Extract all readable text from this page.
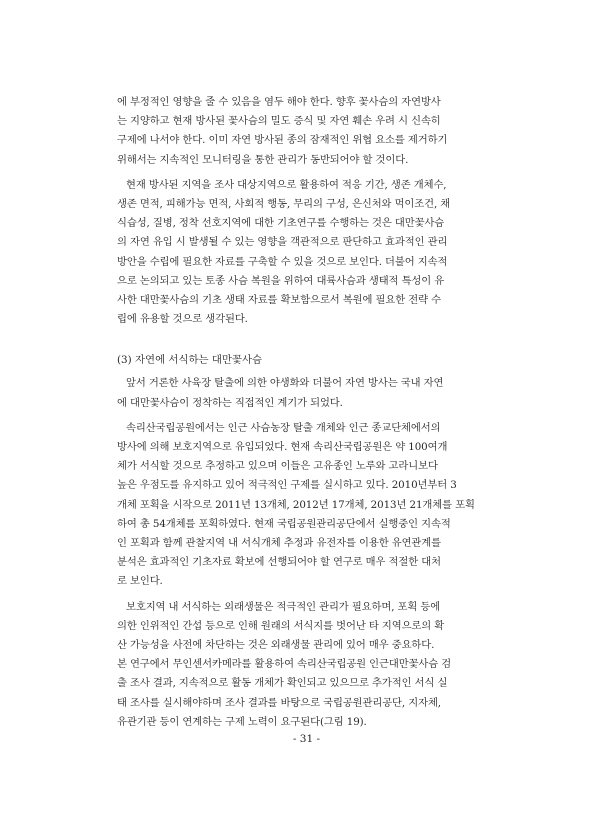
에 부정적인 영향을 줄 수 있음을 염두 해야 한다. 향후 꽃사슴의 자연방사
는 지양하고 현재 방사된 꽃사슴의 밀도 증식 및 자연 훼손 우려 시 신속히
구제에 나서야 한다. 이미 자연 방사된 종의 잠재적인 위협 요소를 제거하기
위해서는 지속적인 모니터링을 통한 관리가 동반되어야 할 것이다.
현재 방사된 지역을 조사 대상지역으로 활용하여 적응 기간, 생존 개체수,
생존 면적, 피해가능 면적, 사회적 행동, 무리의 구성, 은신처와 먹이조건, 채
식습성, 질병, 정착 선호지역에 대한 기초연구를 수행하는 것은 대만꽃사슴
의 자연 유입 시 발생될 수 있는 영향을 객관적으로 판단하고 효과적인 관리
방안을 수립에 필요한 자료를 구축할 수 있을 것으로 보인다. 더불어 지속적
으로 논의되고 있는 토종 사슴 복원을 위하여 대륙사슴과 생태적 특성이 유
사한 대만꽃사슴의 기초 생태 자료를 확보함으로서 복원에 필요한 전략 수
립에 유용할 것으로 생각된다.
(3) 자연에 서식하는 대만꽃사슴
앞서 거론한 사육장 탈출에 의한 야생화와 더불어 자연 방사는 국내 자연
에 대만꽃사슴이 정착하는 직접적인 계기가 되었다.
속리산국립공원에서는 인근 사슴농장 탈출 개체와 인근 종교단체에서의
방사에 의해 보호지역으로 유입되었다. 현재 속리산국립공원은 약 100여개
체가 서식할 것으로 추정하고 있으며 이들은 고유종인 노루와 고라니보다
높은 우점도를 유지하고 있어 적극적인 구제를 실시하고 있다. 2010년부터 3
개체 포획을 시작으로 2011년 13개체, 2012년 17개체, 2013년 21개체를 포획
하여 총 54개체를 포획하였다. 현재 국립공원관리공단에서 실행중인 지속적
인 포획과 함께 관찰지역 내 서식개체 추정과 유전자를 이용한 유연관계를
분석은 효과적인 기초자료 확보에 선행되어야 할 연구로 매우 적절한 대처
로 보인다.
보호지역 내 서식하는 외래생물은 적극적인 관리가 필요하며, 포획 등에
의한 인위적인 간섭 등으로 인해 원래의 서식지를 벗어난 타 지역으로의 확
산 가능성을 사전에 차단하는 것은 외래생물 관리에 있어 매우 중요하다.
본 연구에서 무인센서카메라를 활용하여 속리산국립공원 인근대만꽃사슴 검
출 조사 결과, 지속적으로 활동 개체가 확인되고 있으므로 추가적인 서식 실
태 조사를 실시해야하며 조사 결과를 바탕으로 국립공원관리공단, 지자체,
유관기관 등이 연계하는 구제 노력이 요구된다(그림 19).
- 31 -
